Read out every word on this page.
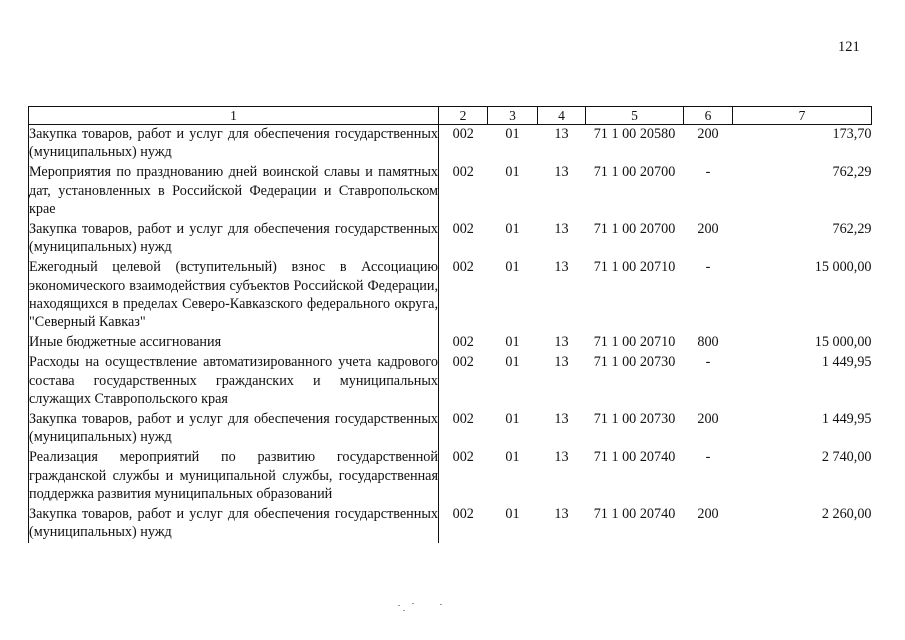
121
1	2	3	4	5	6	7
Закупка товаров, работ и услуг для обеспечения государственных (муниципальных) нужд	002	01	13	71 1 00 20580	200	173,70
Мероприятия по празднованию дней воинской славы и памятных дат, установленных в Российской Федерации и Ставропольском крае	002	01	13	71 1 00 20700	-	762,29
Закупка товаров, работ и услуг для обеспечения государственных (муниципальных) нужд	002	01	13	71 1 00 20700	200	762,29
Ежегодный целевой (вступительный) взнос в Ассоциацию экономического взаимодействия субъектов Российской Федерации, находящихся в пределах Северо-Кавказского федерального округа, "Северный Кавказ"	002	01	13	71 1 00 20710	-	15 000,00
Иные бюджетные ассигнования	002	01	13	71 1 00 20710	800	15 000,00
Расходы на осуществление автоматизированного учета кадрового состава государственных гражданских и муниципальных служащих Ставропольского края	002	01	13	71 1 00 20730	-	1 449,95
Закупка товаров, работ и услуг для обеспечения государственных (муниципальных) нужд	002	01	13	71 1 00 20730	200	1 449,95
Реализация мероприятий по развитию государственной гражданской службы и муниципальной службы, государственная поддержка развития муниципальных образований	002	01	13	71 1 00 20740	-	2 740,00
Закупка товаров, работ и услуг для обеспечения государственных (муниципальных) нужд	002	01	13	71 1 00 20740	200	2 260,00
